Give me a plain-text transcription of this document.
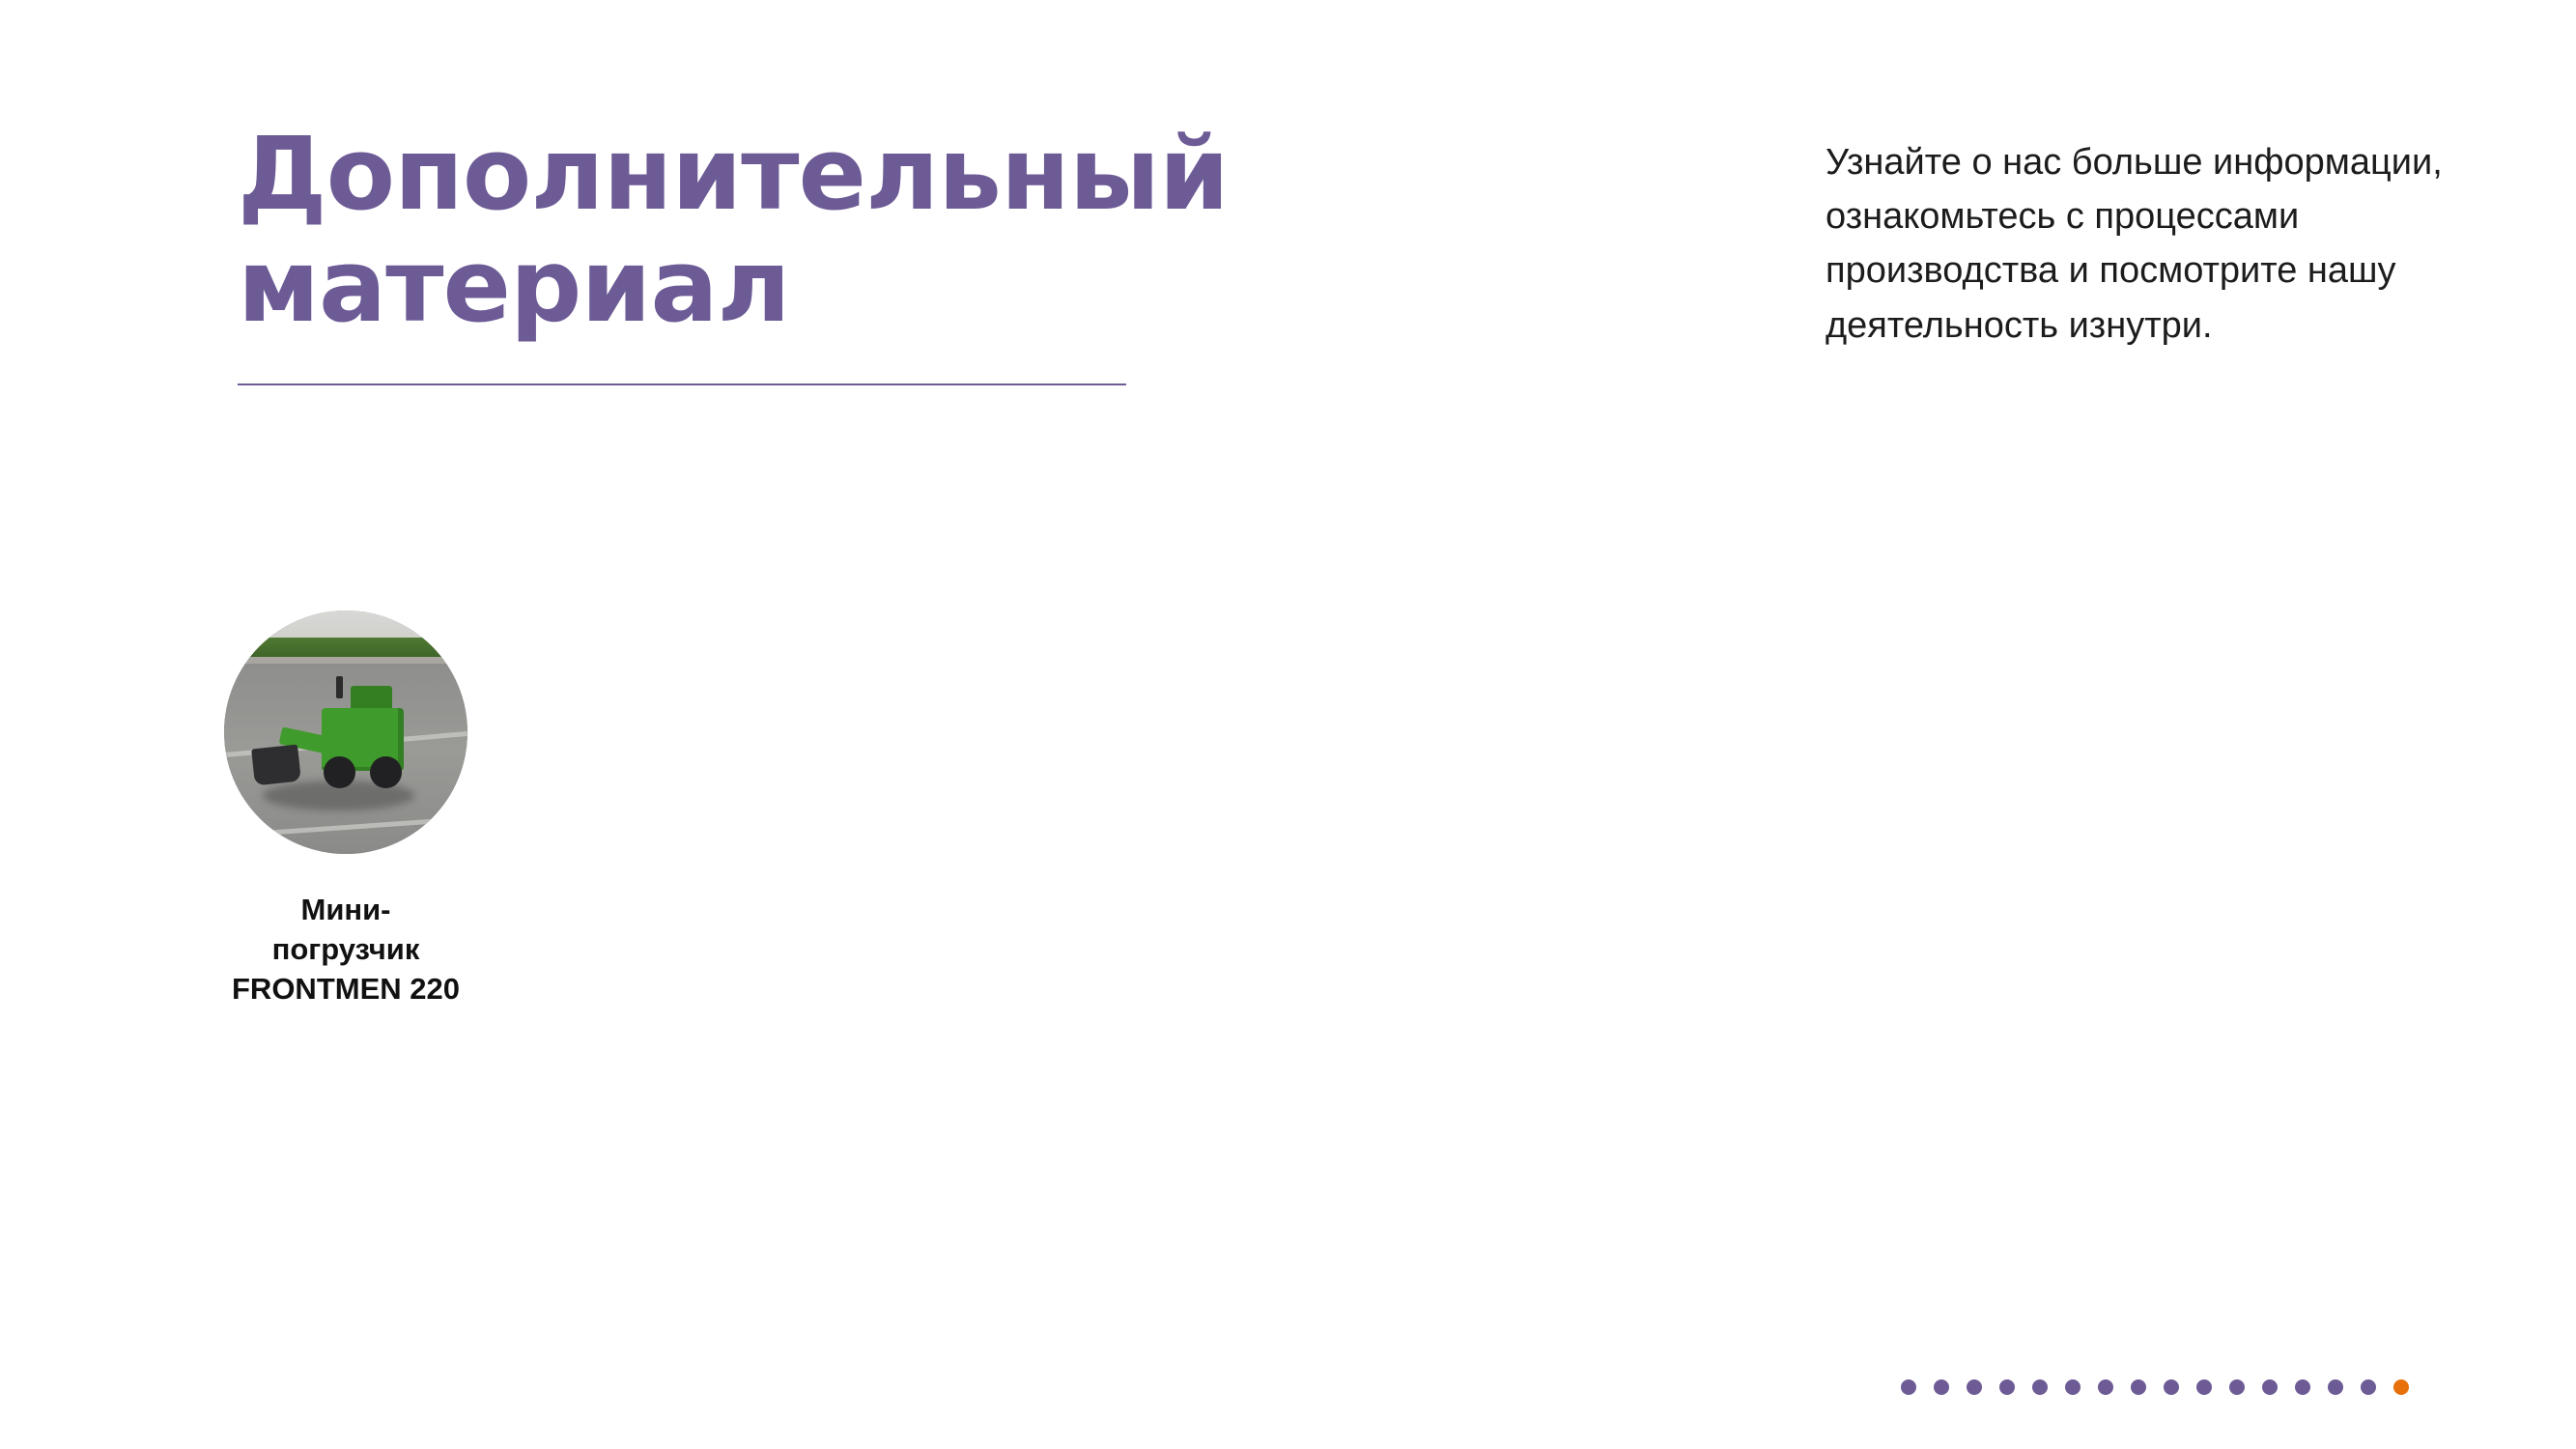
Дополнительный материал
Узнайте о нас больше информации, ознакомьтесь с процессами производства и посмотрите нашу деятельность изнутри.
Мини-погрузчик FRONTMEN 220
